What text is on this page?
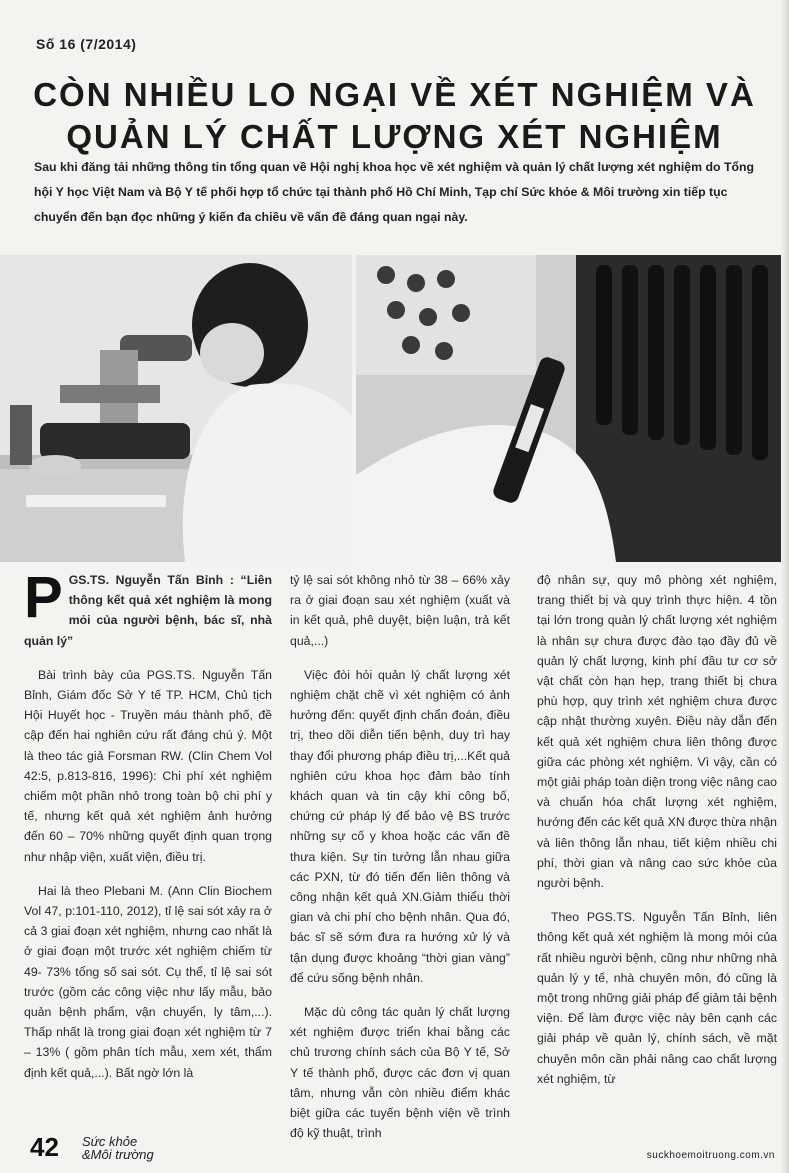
Số 16 (7/2014)
CÒN NHIỀU LO NGẠI VỀ XÉT NGHIỆM VÀ
QUẢN LÝ CHẤT LƯỢNG XÉT NGHIỆM
Sau khi đăng tải những thông tin tổng quan về Hội nghị khoa học về xét nghiệm và quản lý chất lượng xét nghiệm do Tổng hội Y học Việt Nam và Bộ Y tế phối hợp tổ chức tại thành phố Hồ Chí Minh, Tạp chí Sức khỏe & Môi trường xin tiếp tục chuyển đến bạn đọc những ý kiến đa chiều về vấn đề đáng quan ngại này.
P GS.TS. Nguyễn Tấn Bỉnh : “Liên thông kết quả xét nghiệm là mong mỏi của người bệnh, bác sĩ, nhà quản lý”

Bài trình bày của PGS.TS. Nguyễn Tấn Bỉnh, Giám đốc Sở Y tế TP. HCM, Chủ tịch Hội Huyết học - Truyền máu thành phố, đề cập đến hai nghiên cứu rất đáng chú ý. Một là theo tác giả Forsman RW. (Clin Chem Vol 42:5, p.813-816, 1996): Chi phí xét nghiệm chiếm một phần nhỏ trong toàn bộ chi phí y tế, nhưng kết quả xét nghiệm ảnh hưởng đến 60 – 70% những quyết định quan trọng như nhập viện, xuất viện, điều trị.

Hai là theo Plebani M. (Ann Clin Biochem Vol 47, p:101-110, 2012), tỉ lệ sai sót xảy ra ở cả 3 giai đoạn xét nghiệm, nhưng cao nhất là ở giai đoạn một trước xét nghiệm chiếm từ 49- 73% tổng số sai sót. Cụ thể, tỉ lệ sai sót trước (gồm các công việc như lấy mẫu, bảo quản bệnh phẩm, vận chuyển, ly tâm,...). Thấp nhất là trong giai đoạn xét nghiệm từ 7 – 13% ( gồm phân tích mẫu, xem xét, thẩm định kết quả,...). Bất ngờ lớn là

tỷ lệ sai sót không nhỏ từ 38 – 66% xảy ra ở giai đoạn sau xét nghiệm (xuất và in kết quả, phê duyệt, biện luận, trả kết quả,...)

Việc đòi hỏi quản lý chất lượng xét nghiệm chặt chẽ vì xét nghiệm có ảnh hưởng đến: quyết định chẩn đoán, điều trị, theo dõi diễn tiến bệnh, duy trì hay thay đổi phương pháp điều trị,...Kết quả nghiên cứu khoa học đảm bảo tính khách quan và tin cậy khi công bố, chứng cứ pháp lý để bảo vệ BS trước những sự cố y khoa hoặc các vấn đề thưa kiện. Sự tin tưởng lẫn nhau giữa các PXN, từ đó tiến đến liên thông và công nhận kết quả XN.Giảm thiểu thời gian và chi phí cho bệnh nhân. Qua đó, bác sĩ sẽ sớm đưa ra hướng xử lý và tận dụng được khoảng “thời gian vàng” để cứu sống bệnh nhân.

Mặc dù công tác quản lý chất lượng xét nghiệm được triển khai bằng các chủ trương chính sách của Bộ Y tế, Sở Y tế thành phố, được các đơn vị quan tâm, nhưng vẫn còn nhiều điểm khác biệt giữa các tuyến bệnh viện về trình độ kỹ thuật, trình

độ nhân sự, quy mô phòng xét nghiệm, trang thiết bị và quy trình thực hiện. 4 tồn tại lớn trong quản lý chất lượng xét nghiệm là nhân sự chưa được đào tạo đầy đủ về quản lý chất lượng, kinh phí đầu tư cơ sở vật chất còn hạn hẹp, trang thiết bị chưa phù hợp, quy trình xét nghiệm chưa được cập nhật thường xuyên. Điều này dẫn đến kết quả xét nghiệm chưa liên thông được giữa các phòng xét nghiệm. Vì vậy, cần có một giải pháp toàn diện trong việc nâng cao và chuẩn hóa chất lượng xét nghiệm, hướng đến các kết quả XN được thừa nhận và liên thông lẫn nhau, tiết kiệm nhiều chi phí, thời gian và nâng cao sức khỏe của người bệnh.

Theo PGS.TS. Nguyễn Tấn Bỉnh, liên thông kết quả xét nghiệm là mong mỏi của rất nhiều người bệnh, cũng như những nhà quản lý y tế, nhà chuyên môn, đó cũng là một trong những giải pháp để giảm tải bệnh viện. Để làm được việc này bên cạnh các giải pháp về quản lý, chính sách, về mặt chuyên môn cần phải nâng cao chất lượng xét nghiệm, từ

42 Sức khỏe
&Môi trường	suckhoemoitruong.com.vn
